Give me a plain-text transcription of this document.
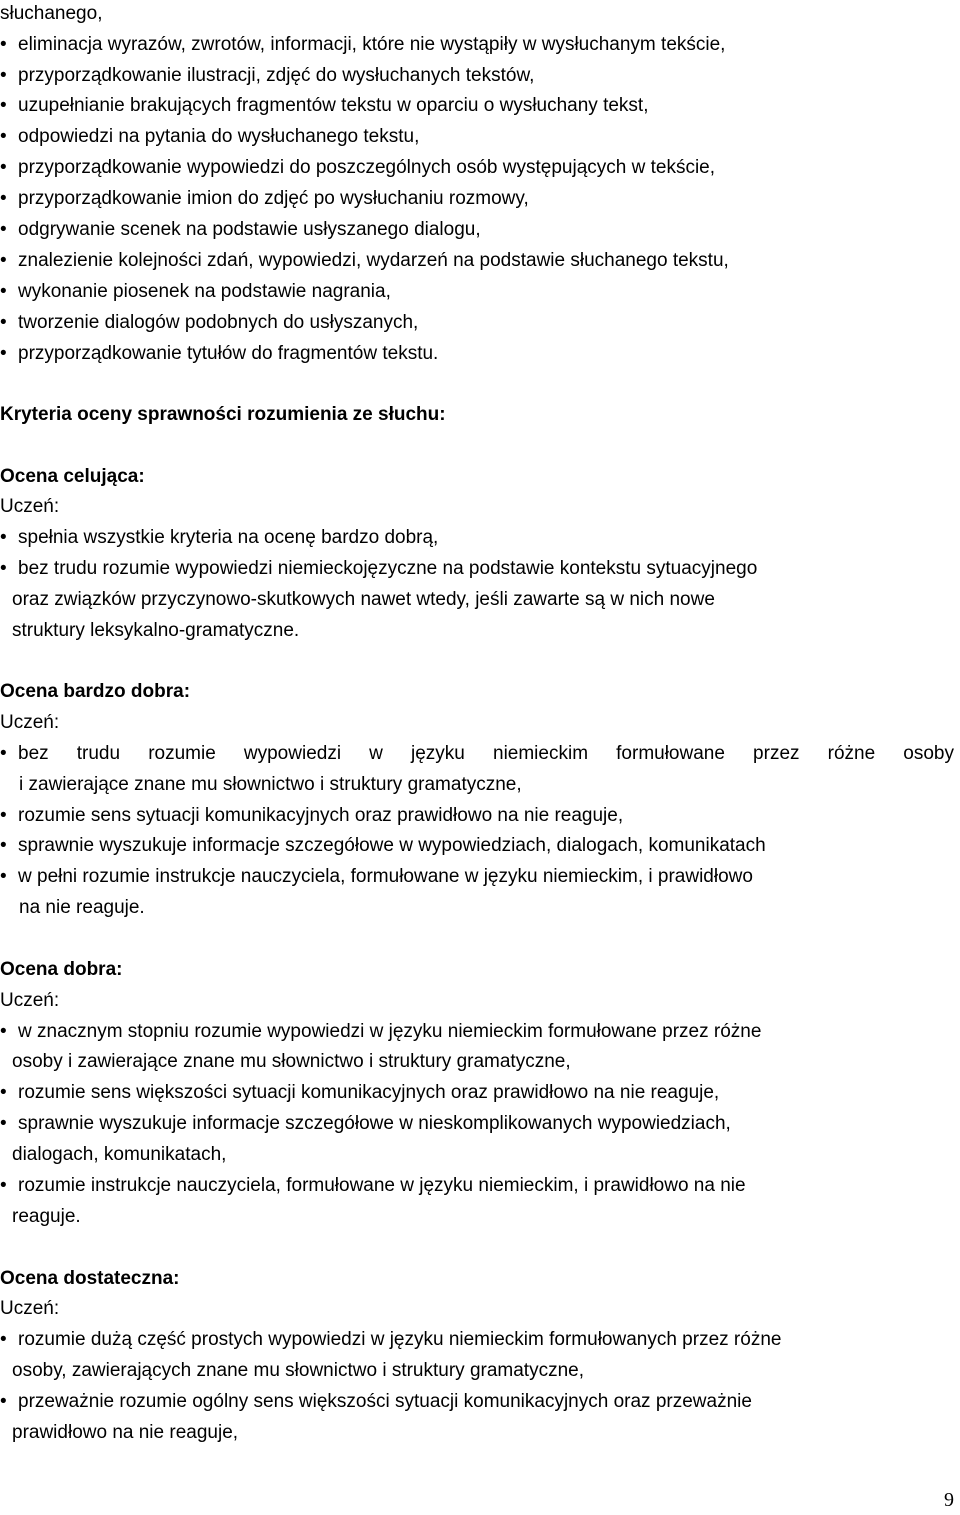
słuchanego,
• eliminacja wyrazów, zwrotów, informacji, które nie wystąpiły w wysłuchanym tekście,
• przyporządkowanie ilustracji, zdjęć do wysłuchanych tekstów,
• uzupełnianie brakujących fragmentów tekstu w oparciu o wysłuchany tekst,
• odpowiedzi na pytania do wysłuchanego tekstu,
• przyporządkowanie wypowiedzi do poszczególnych osób występujących w tekście,
• przyporządkowanie imion do zdjęć po wysłuchaniu rozmowy,
• odgrywanie scenek na podstawie usłyszanego dialogu,
• znalezienie kolejności zdań, wypowiedzi, wydarzeń na podstawie słuchanego tekstu,
• wykonanie piosenek na podstawie nagrania,
• tworzenie dialogów podobnych do usłyszanych,
• przyporządkowanie tytułów do fragmentów tekstu.
Kryteria oceny sprawności rozumienia ze słuchu:
Ocena celująca:
Uczeń:
• spełnia wszystkie kryteria na ocenę bardzo dobrą,
• bez trudu rozumie wypowiedzi niemieckojęzyczne na podstawie kontekstu sytuacyjnego
oraz związków przyczynowo-skutkowych nawet wtedy, jeśli zawarte są w nich nowe
struktury leksykalno-gramatyczne.
Ocena bardzo dobra:
Uczeń:
• bez trudu rozumie wypowiedzi w języku niemieckim formułowane przez różne osoby
i zawierające znane mu słownictwo i struktury gramatyczne,
• rozumie sens sytuacji komunikacyjnych oraz prawidłowo na nie reaguje,
• sprawnie wyszukuje informacje szczegółowe w wypowiedziach, dialogach, komunikatach
• w pełni rozumie instrukcje nauczyciela, formułowane w języku niemieckim, i prawidłowo
na nie reaguje.
Ocena dobra:
Uczeń:
• w znacznym stopniu rozumie wypowiedzi w języku niemieckim formułowane przez różne
osoby i zawierające znane mu słownictwo i struktury gramatyczne,
• rozumie sens większości sytuacji komunikacyjnych oraz prawidłowo na nie reaguje,
• sprawnie wyszukuje informacje szczegółowe w nieskomplikowanych wypowiedziach,
dialogach, komunikatach,
• rozumie instrukcje nauczyciela, formułowane w języku niemieckim, i prawidłowo na nie
reaguje.
Ocena dostateczna:
Uczeń:
• rozumie dużą część prostych wypowiedzi w języku niemieckim formułowanych przez różne
osoby, zawierających znane mu słownictwo i struktury gramatyczne,
• przeważnie rozumie ogólny sens większości sytuacji komunikacyjnych oraz przeważnie
prawidłowo na nie reaguje,
9
